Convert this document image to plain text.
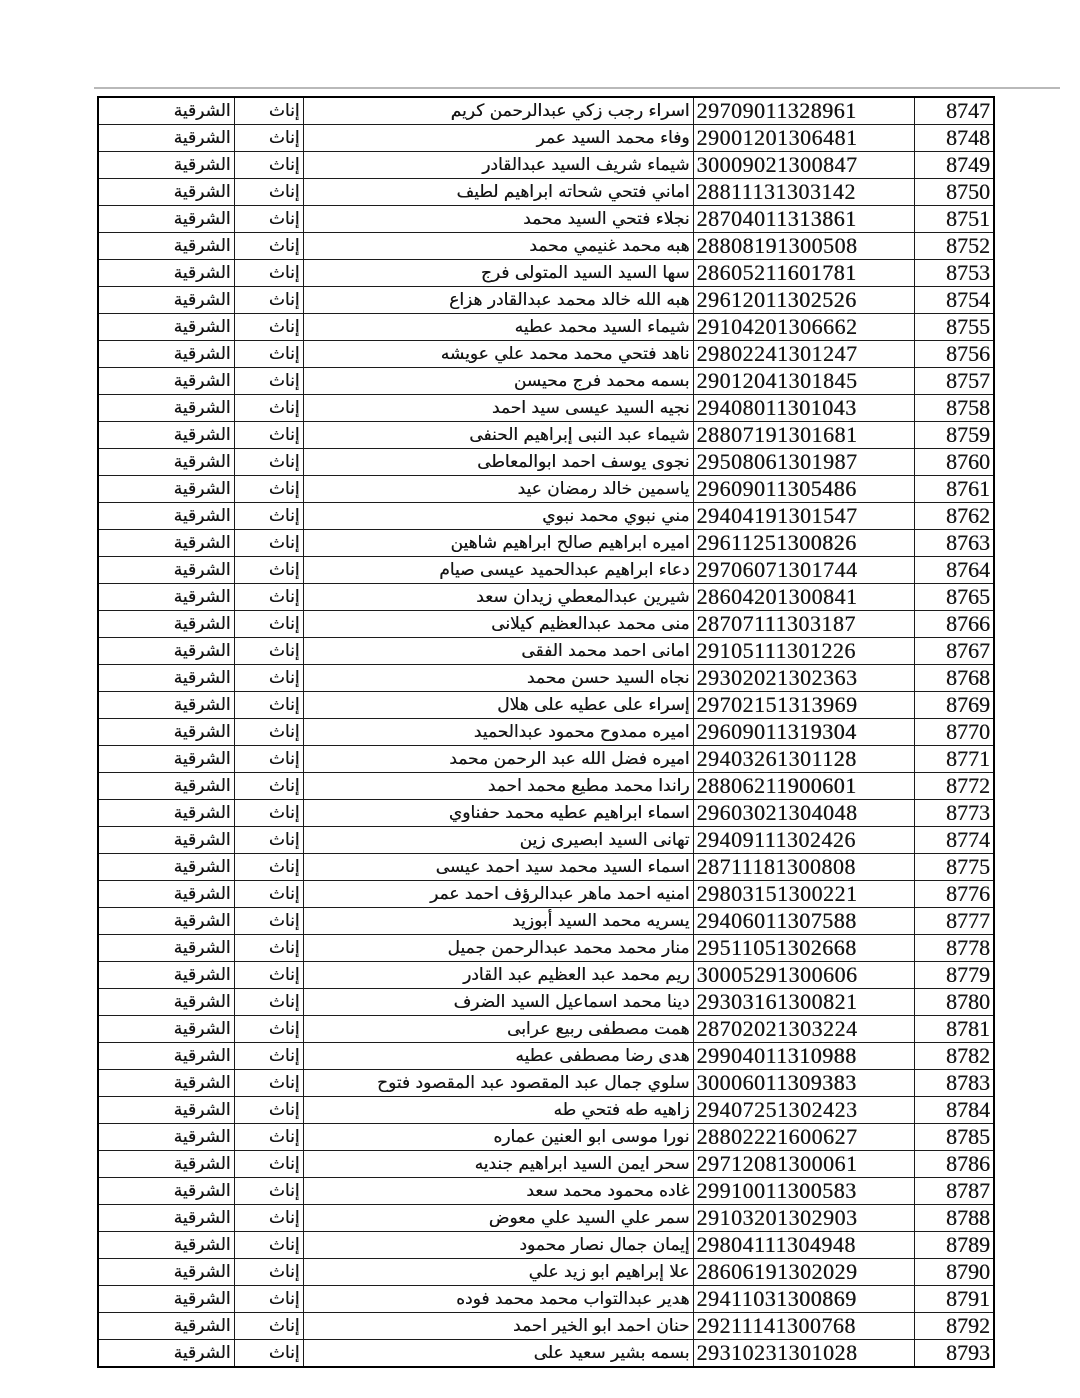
8747	29709011328961	اسراء رجب زكي عبدالرحمن كريم	إناث	الشرقية
8748	29001201306481	وفاء محمد السيد عمر	إناث	الشرقية
8749	30009021300847	شيماء شريف السيد عبدالقادر	إناث	الشرقية
8750	28811131303142	اماني فتحي شحاته ابراهيم لطيف	إناث	الشرقية
8751	28704011313861	نجلاء فتحي السيد محمد	إناث	الشرقية
8752	28808191300508	هبه محمد غنيمي محمد	إناث	الشرقية
8753	28605211601781	سها السيد السيد المتولى فرج	إناث	الشرقية
8754	29612011302526	هبه الله خالد محمد عبدالقادر هزاع	إناث	الشرقية
8755	29104201306662	شيماء السيد محمد عطيه	إناث	الشرقية
8756	29802241301247	ناهد فتحي محمد محمد علي عويشه	إناث	الشرقية
8757	29012041301845	بسمه محمد فرج محيسن	إناث	الشرقية
8758	29408011301043	نجيه السيد عيسى سيد احمد	إناث	الشرقية
8759	28807191301681	شيماء عبد النبى إبراهيم الحنفى	إناث	الشرقية
8760	29508061301987	نجوى يوسف احمد ابوالمعاطى	إناث	الشرقية
8761	29609011305486	ياسمين خالد رمضان عيد	إناث	الشرقية
8762	29404191301547	مني نبوي محمد نبوي	إناث	الشرقية
8763	29611251300826	اميره ابراهيم صالح ابراهيم شاهين	إناث	الشرقية
8764	29706071301744	دعاء ابراهيم عبدالحميد عيسى صيام	إناث	الشرقية
8765	28604201300841	شيرين عبدالمعطي زيدان سعد	إناث	الشرقية
8766	28707111303187	منى محمد عبدالعظيم كيلانى	إناث	الشرقية
8767	29105111301226	امانى احمد محمد الفقى	إناث	الشرقية
8768	29302021302363	نجاه السيد حسن محمد	إناث	الشرقية
8769	29702151313969	إسراء على عطيه على هلال	إناث	الشرقية
8770	29609011319304	اميره ممدوح محمود عبدالحميد	إناث	الشرقية
8771	29403261301128	اميره فضل الله عبد الرحمن محمد	إناث	الشرقية
8772	28806211900601	راندا محمد مطيع محمد احمد	إناث	الشرقية
8773	29603021304048	اسماء ابراهيم عطيه محمد حفناوي	إناث	الشرقية
8774	29409111302426	تهانى السيد ابصيرى زين	إناث	الشرقية
8775	28711181300808	اسماء السيد محمد سيد احمد عيسى	إناث	الشرقية
8776	29803151300221	امنيه احمد ماهر عبدالرؤف احمد عمر	إناث	الشرقية
8777	29406011307588	يسريه محمد السيد أبوزيد	إناث	الشرقية
8778	29511051302668	منار محمد محمد عبدالرحمن جميل	إناث	الشرقية
8779	30005291300606	ريم محمد عبد العظيم عبد القادر	إناث	الشرقية
8780	29303161300821	دينا محمد اسماعيل السيد الضرف	إناث	الشرقية
8781	28702021303224	همت مصطفى ربيع عرابى	إناث	الشرقية
8782	29904011310988	هدى رضا مصطفى عطيه	إناث	الشرقية
8783	30006011309383	سلوي جمال عبد المقصود عبد المقصود فتوح	إناث	الشرقية
8784	29407251302423	زاهيه طه فتحي طه	إناث	الشرقية
8785	28802221600627	نورا موسى ابو العنين عماره	إناث	الشرقية
8786	29712081300061	سحر ايمن السيد ابراهيم جنديه	إناث	الشرقية
8787	29910011300583	غاده محمود محمد سعد	إناث	الشرقية
8788	29103201302903	سمر علي السيد علي معوض	إناث	الشرقية
8789	29804111304948	إيمان جمال نصار محمود	إناث	الشرقية
8790	28606191302029	علا إبراهيم ابو زيد علي	إناث	الشرقية
8791	29411031300869	هدير عبدالتواب محمد محمد فوده	إناث	الشرقية
8792	29211141300768	حنان احمد ابو الخير احمد	إناث	الشرقية
8793	29310231301028	بسمه بشير سعيد على	إناث	الشرقية
